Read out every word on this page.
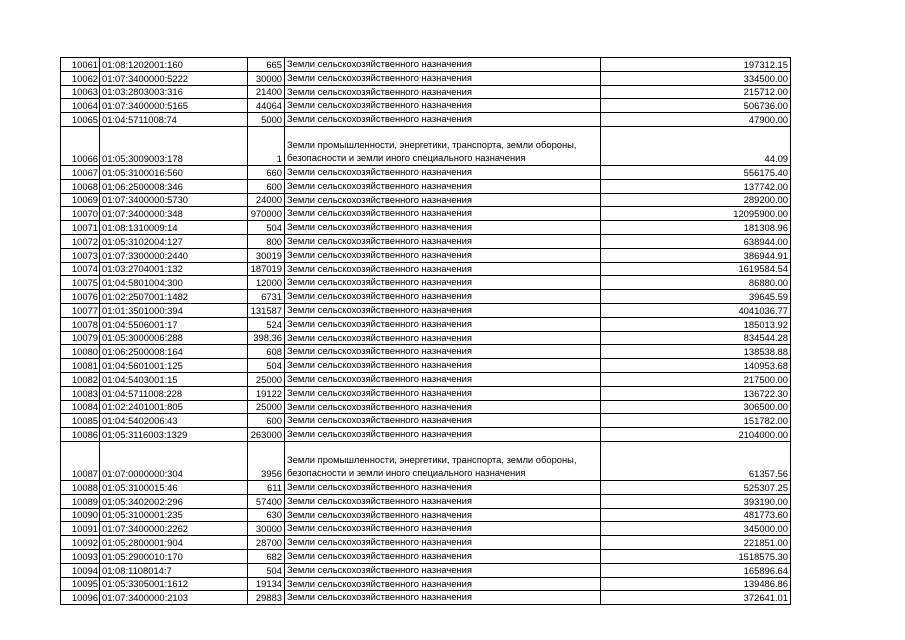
10061	01:08:1202001:160	665	Земли сельскохозяйственного назначения	197312.15
10062	01:07:3400000:5222	30000	Земли сельскохозяйственного назначения	334500.00
10063	01:03:2803003:316	21400	Земли сельскохозяйственного назначения	215712.00
10064	01:07:3400000:5165	44064	Земли сельскохозяйственного назначения	506736.00
10065	01:04:5711008:74	5000	Земли сельскохозяйственного назначения	47900.00
10066	01:05:3009003:178	1	Земли промышленности, энергетики, транспорта, земли обороны, безопасности и земли иного специального назначения	44.09
10067	01:05:3100016:560	660	Земли сельскохозяйственного назначения	556175.40
10068	01:06:2500008:346	600	Земли сельскохозяйственного назначения	137742.00
10069	01:07:3400000:5730	24000	Земли сельскохозяйственного назначения	289200.00
10070	01:07:3400000:348	970000	Земли сельскохозяйственного назначения	12095900.00
10071	01:08:1310009:14	504	Земли сельскохозяйственного назначения	181308.96
10072	01:05:3102004:127	800	Земли сельскохозяйственного назначения	638944.00
10073	01:07:3300000:2440	30019	Земли сельскохозяйственного назначения	386944.91
10074	01:03:2704001:132	187019	Земли сельскохозяйственного назначения	1619584.54
10075	01:04:5801004:300	12000	Земли сельскохозяйственного назначения	86880.00
10076	01:02:2507001:1482	6731	Земли сельскохозяйственного назначения	39645.59
10077	01:01:3501000:394	131587	Земли сельскохозяйственного назначения	4041036.77
10078	01:04:5506001:17	524	Земли сельскохозяйственного назначения	185013.92
10079	01:05:3000006:288	398.36	Земли сельскохозяйственного назначения	834544.28
10080	01:06:2500008:164	608	Земли сельскохозяйственного назначения	138538.88
10081	01:04:5601001:125	504	Земли сельскохозяйственного назначения	140953.68
10082	01:04:5403001:15	25000	Земли сельскохозяйственного назначения	217500.00
10083	01:04:5711008:228	19122	Земли сельскохозяйственного назначения	136722.30
10084	01:02:2401001:805	25000	Земли сельскохозяйственного назначения	306500.00
10085	01:04:5402006:43	600	Земли сельскохозяйственного назначения	151782.00
10086	01:05:3116003:1329	263000	Земли сельскохозяйственного назначения	2104000.00
10087	01:07:0000000:304	3956	Земли промышленности, энергетики, транспорта, земли обороны, безопасности и земли иного специального назначения	61357.56
10088	01:05:3100015:46	611	Земли сельскохозяйственного назначения	525307.25
10089	01:05:3402002:296	57400	Земли сельскохозяйственного назначения	393190.00
10090	01:05:3100001:235	630	Земли сельскохозяйственного назначения	481773.60
10091	01:07:3400000:2262	30000	Земли сельскохозяйственного назначения	345000.00
10092	01:05:2800001:904	28700	Земли сельскохозяйственного назначения	221851.00
10093	01:05:2900010:170	682	Земли сельскохозяйственного назначения	1518575.30
10094	01:08:1108014:7	504	Земли сельскохозяйственного назначения	165896.64
10095	01:05:3305001:1612	19134	Земли сельскохозяйственного назначения	139486.86
10096	01:07:3400000:2103	29883	Земли сельскохозяйственного назначения	372641.01
